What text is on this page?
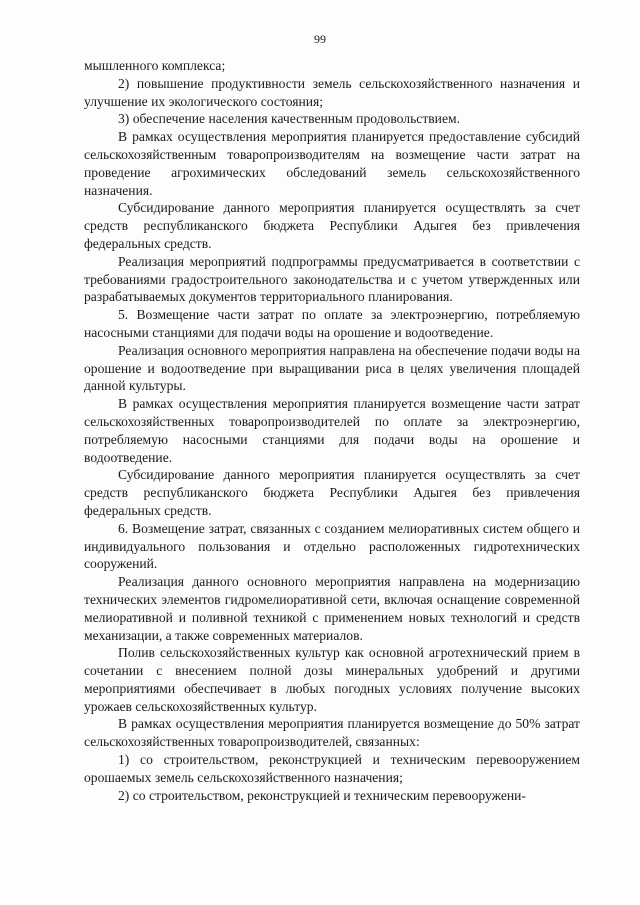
99

мышленного комплекса;

2) повышение продуктивности земель сельскохозяйственного назначения и улучшение их экологического состояния;

3) обеспечение населения качественным продовольствием.

В рамках осуществления мероприятия планируется предоставление субсидий сельскохозяйственным товаропроизводителям на возмещение части затрат на проведение агрохимических обследований земель сельскохозяйственного назначения.

Субсидирование данного мероприятия планируется осуществлять за счет средств республиканского бюджета Республики Адыгея без привлечения федеральных средств.

Реализация мероприятий подпрограммы предусматривается в соответствии с требованиями градостроительного законодательства и с учетом утвержденных или разрабатываемых документов территориального планирования.

5. Возмещение части затрат по оплате за электроэнергию, потребляемую насосными станциями для подачи воды на орошение и водоотведение.

Реализация основного мероприятия направлена на обеспечение подачи воды на орошение и водоотведение при выращивании риса в целях увеличения площадей данной культуры.

В рамках осуществления мероприятия планируется возмещение части затрат сельскохозяйственных товаропроизводителей по оплате за электроэнергию, потребляемую насосными станциями для подачи воды на орошение и водоотведение.

Субсидирование данного мероприятия планируется осуществлять за счет средств республиканского бюджета Республики Адыгея без привлечения федеральных средств.

6. Возмещение затрат, связанных с созданием мелиоративных систем общего и индивидуального пользования и отдельно расположенных гидротехнических сооружений.

Реализация данного основного мероприятия направлена на модернизацию технических элементов гидромелиоративной сети, включая оснащение современной мелиоративной и поливной техникой с применением новых технологий и средств механизации, а также современных материалов.

Полив сельскохозяйственных культур как основной агротехнический прием в сочетании с внесением полной дозы минеральных удобрений и другими мероприятиями обеспечивает в любых погодных условиях получение высоких урожаев сельскохозяйственных культур.

В рамках осуществления мероприятия планируется возмещение до 50% затрат сельскохозяйственных товаропроизводителей, связанных:

1) со строительством, реконструкцией и техническим перевооружением орошаемых земель сельскохозяйственного назначения;

2) со строительством, реконструкцией и техническим перевооружени-
